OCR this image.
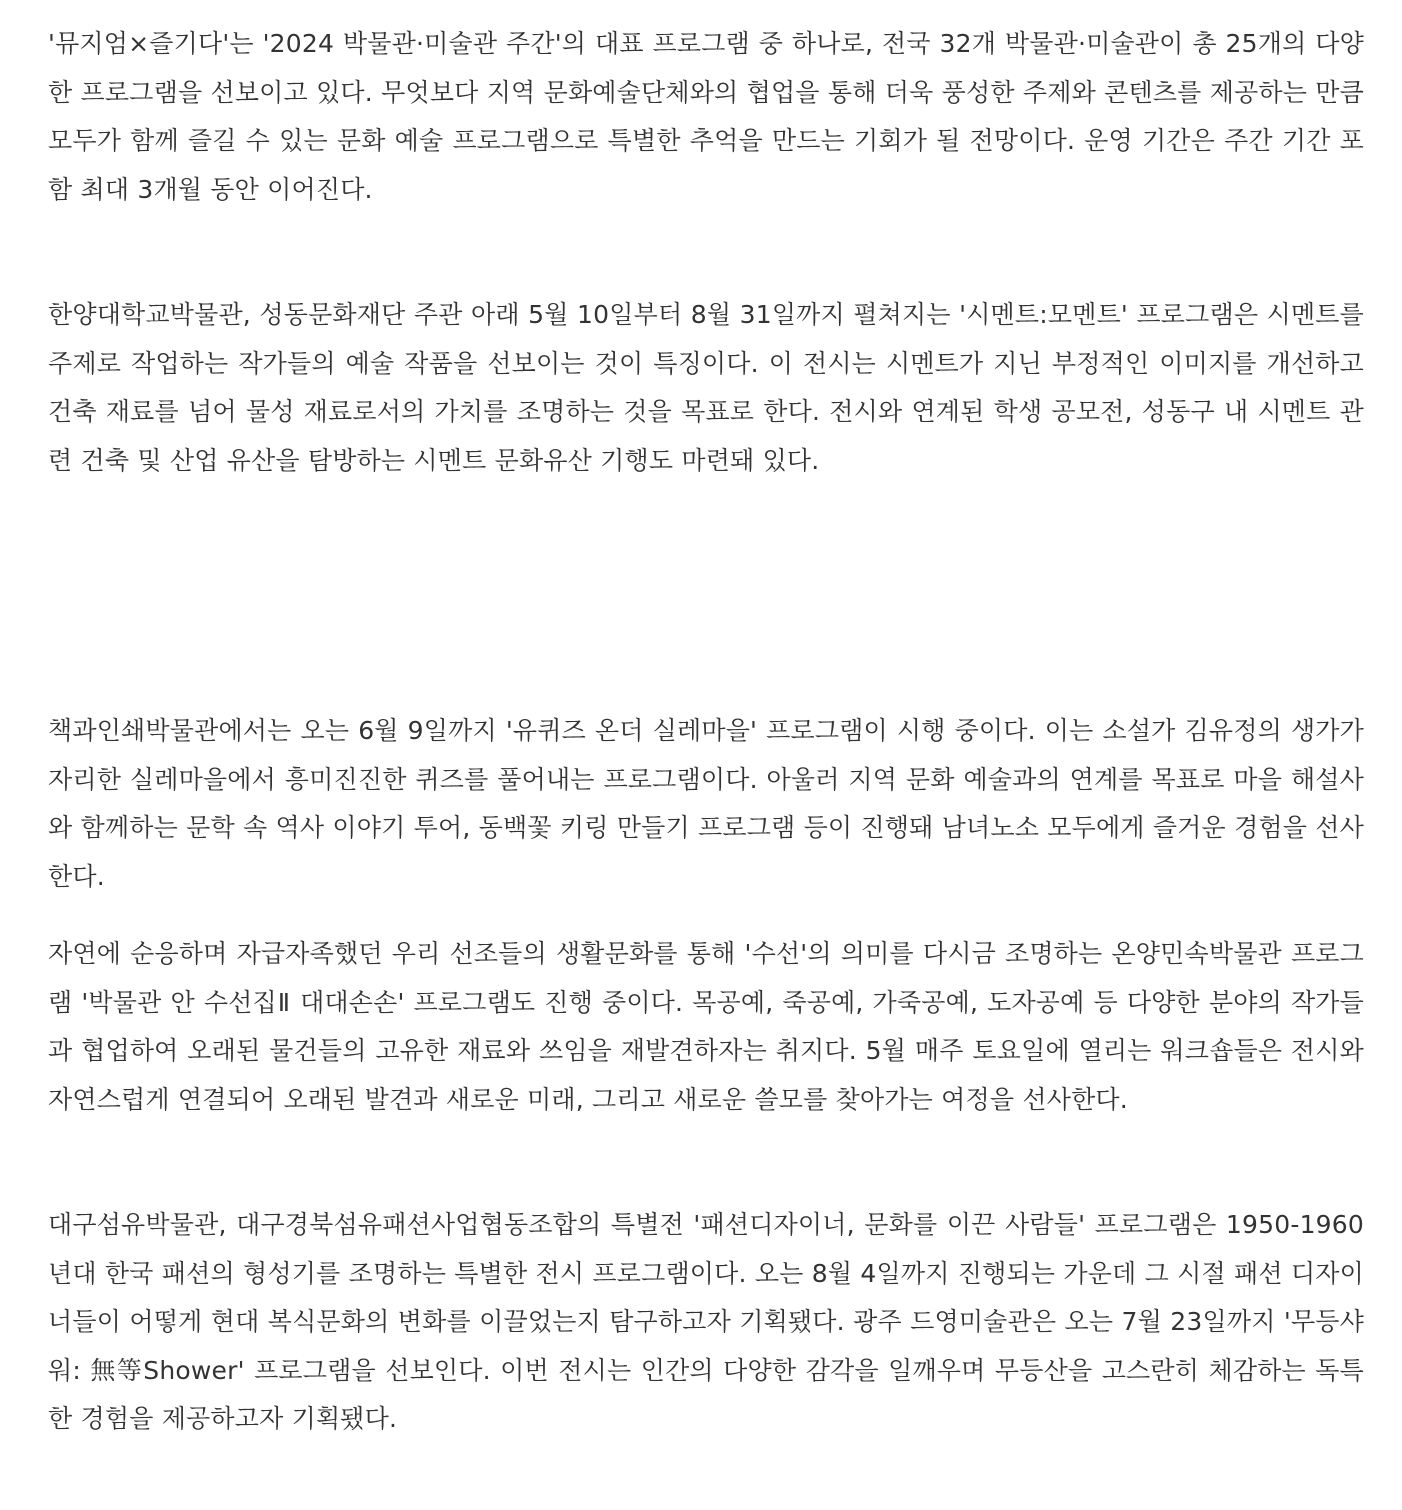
'뮤지엄×즐기다'는 '2024 박물관·미술관 주간'의 대표 프로그램 중 하나로, 전국 32개 박물관·미술관이 총 25개의 다양한 프로그램을 선보이고 있다. 무엇보다 지역 문화예술단체와의 협업을 통해 더욱 풍성한 주제와 콘텐츠를 제공하는 만큼 모두가 함께 즐길 수 있는 문화 예술 프로그램으로 특별한 추억을 만드는 기회가 될 전망이다. 운영 기간은 주간 기간 포함 최대 3개월 동안 이어진다.

한양대학교박물관, 성동문화재단 주관 아래 5월 10일부터 8월 31일까지 펼쳐지는 '시멘트:모멘트' 프로그램은 시멘트를 주제로 작업하는 작가들의 예술 작품을 선보이는 것이 특징이다. 이 전시는 시멘트가 지닌 부정적인 이미지를 개선하고 건축 재료를 넘어 물성 재료로서의 가치를 조명하는 것을 목표로 한다. 전시와 연계된 학생 공모전, 성동구 내 시멘트 관련 건축 및 산업 유산을 탐방하는 시멘트 문화유산 기행도 마련돼 있다.

책과인쇄박물관에서는 오는 6월 9일까지 '유퀴즈 온더 실레마을' 프로그램이 시행 중이다. 이는 소설가 김유정의 생가가 자리한 실레마을에서 흥미진진한 퀴즈를 풀어내는 프로그램이다. 아울러 지역 문화 예술과의 연계를 목표로 마을 해설사와 함께하는 문학 속 역사 이야기 투어, 동백꽃 키링 만들기 프로그램 등이 진행돼 남녀노소 모두에게 즐거운 경험을 선사한다.

자연에 순응하며 자급자족했던 우리 선조들의 생활문화를 통해 '수선'의 의미를 다시금 조명하는 온양민속박물관 프로그램 '박물관 안 수선집Ⅱ 대대손손' 프로그램도 진행 중이다. 목공예, 죽공예, 가죽공예, 도자공예 등 다양한 분야의 작가들과 협업하여 오래된 물건들의 고유한 재료와 쓰임을 재발견하자는 취지다. 5월 매주 토요일에 열리는 워크숍들은 전시와 자연스럽게 연결되어 오래된 발견과 새로운 미래, 그리고 새로운 쓸모를 찾아가는 여정을 선사한다.

대구섬유박물관, 대구경북섬유패션사업협동조합의 특별전 '패션디자이너, 문화를 이끈 사람들' 프로그램은 1950-1960년대 한국 패션의 형성기를 조명하는 특별한 전시 프로그램이다. 오는 8월 4일까지 진행되는 가운데 그 시절 패션 디자이너들이 어떻게 현대 복식문화의 변화를 이끌었는지 탐구하고자 기획됐다. 광주 드영미술관은 오는 7월 23일까지 '무등샤워: 無等Shower' 프로그램을 선보인다. 이번 전시는 인간의 다양한 감각을 일깨우며 무등산을 고스란히 체감하는 독특한 경험을 제공하고자 기획됐다.
